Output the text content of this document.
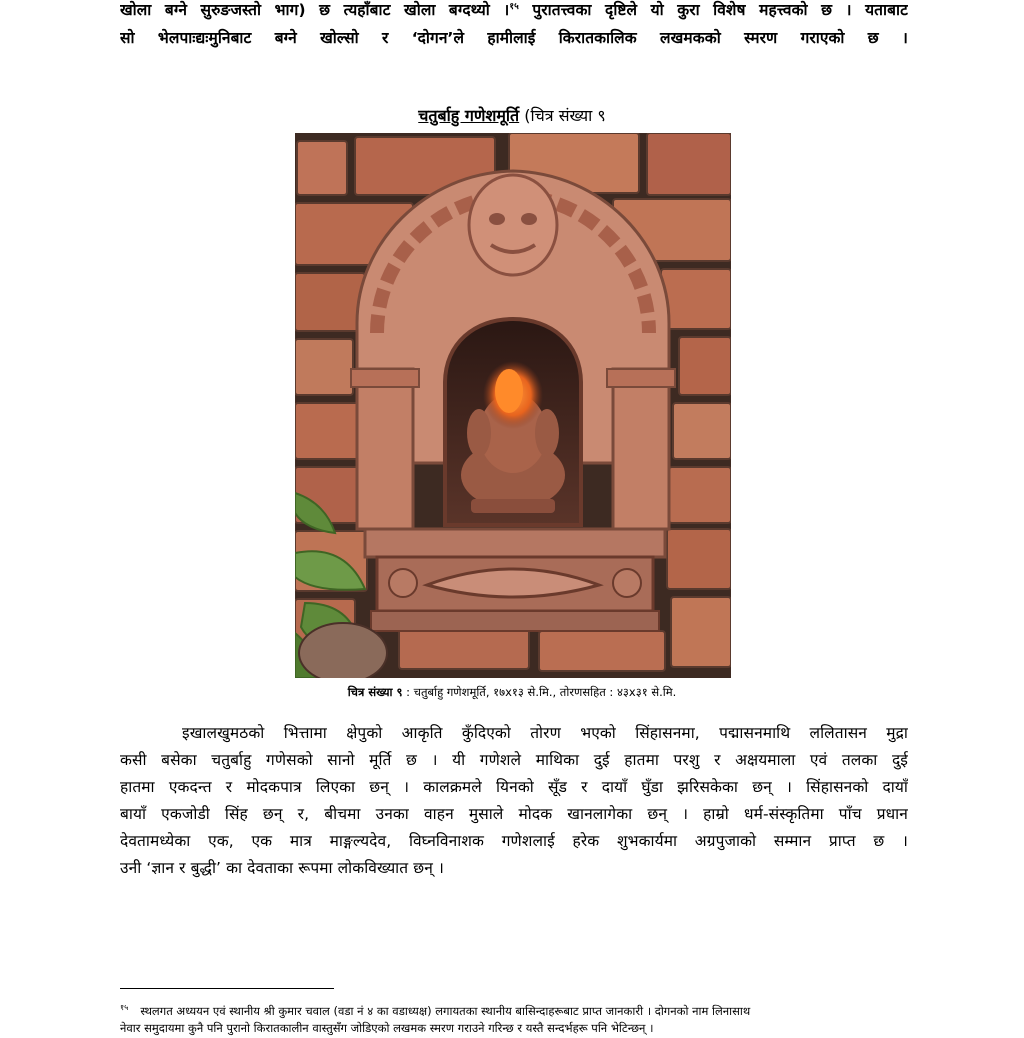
खोला बग्ने सुरुङजस्तो भाग) छ त्यहाँबाट खोला बग्दथ्यो ।$^{१५}$ पुरातत्त्वका दृष्टिले यो कुरा विशेष महत्त्वको छ । यताबाट
सो भेलपाःद्यःमुनिबाट बग्ने खोल्सो र ‘दोगन’ले हामीलाई किरातकालिक लखमकको स्मरण गराएको छ ।
चतुर्बाहु गणेशमूर्ति (चित्र संख्या ९
चित्र संख्या ९ : चतुर्बाहु गणेशमूर्ति, १७x१३ से.मि., तोरणसहित : ४३x३१ से.मि.
इखालखुमठको भित्तामा क्षेपुको आकृति कुँदिएको तोरण भएको सिंहासनमा, पद्मासनमाथि ललितासन मुद्रा
कसी बसेका चतुर्बाहु गणेसको सानो मूर्ति छ । यी गणेशले माथिका दुई हातमा परशु र अक्षयमाला एवं तलका दुई
हातमा एकदन्त र मोदकपात्र लिएका छन् । कालक्रमले यिनको सूँड र दायाँ घुँडा झरिसकेका छन् । सिंहासनको दायाँ
बायाँ एकजोडी सिंह छन् र, बीचमा उनका वाहन मुसाले मोदक खानलागेका छन् । हाम्रो धर्म-संस्कृतिमा पाँच प्रधान
देवतामध्येका एक, एक मात्र माङ्गल्यदेव, विघ्नविनाशक गणेशलाई हरेक शुभकार्यमा अग्रपुजाको सम्मान प्राप्त छ ।
उनी ‘ज्ञान र बुद्धी’ का देवताका रूपमा लोकविख्यात छन् ।
$^{१५}$ स्थलगत अध्ययन एवं स्थानीय श्री कुमार चवाल (वडा नं ४ का वडाध्यक्ष) लगायतका स्थानीय बासिन्दाहरूबाट प्राप्त जानकारी । दोगनको नाम लिनासाथ
नेवार समुदायमा कुनै पनि पुरानो किरातकालीन वास्तुसँग जोडिएको लखमक स्मरण गराउने गरिन्छ र यस्तै सन्दर्भहरू पनि भेटिन्छन् ।
